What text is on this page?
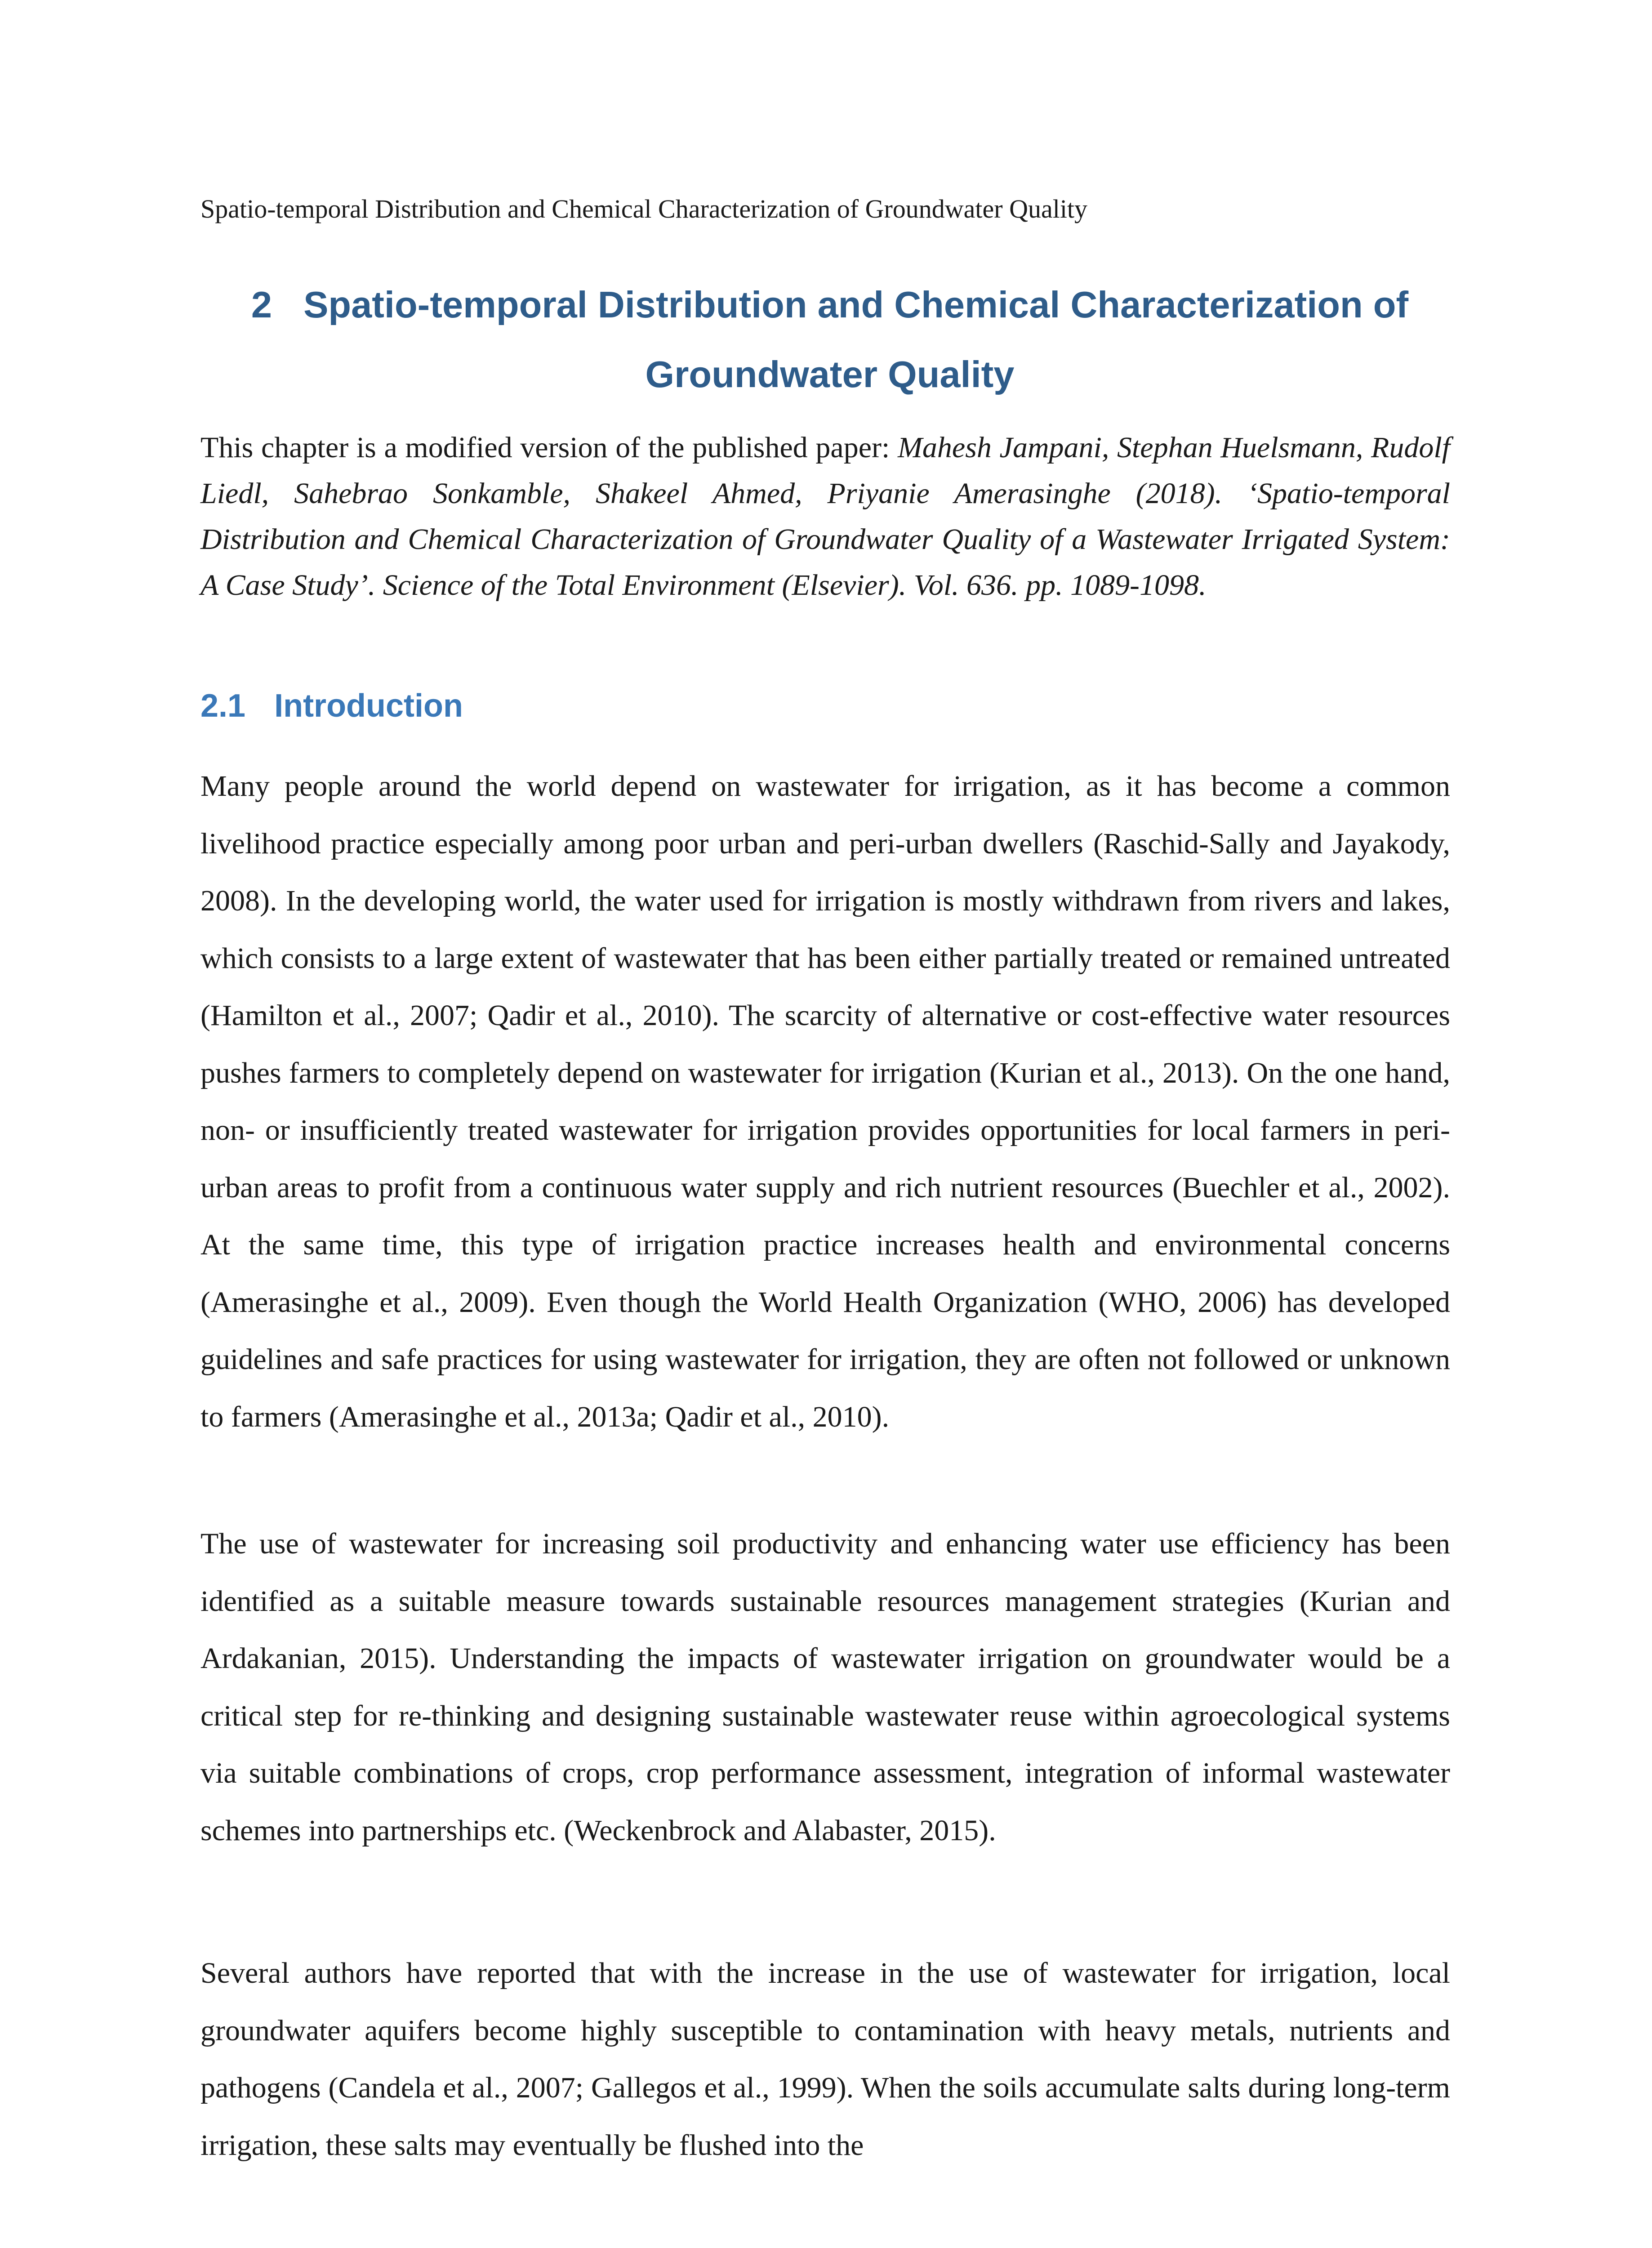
Spatio-temporal Distribution and Chemical Characterization of Groundwater Quality
2 Spatio-temporal Distribution and Chemical Characterization of Groundwater Quality

This chapter is a modified version of the published paper: Mahesh Jampani, Stephan Huelsmann, Rudolf Liedl, Sahebrao Sonkamble, Shakeel Ahmed, Priyanie Amerasinghe (2018). ‘Spatio-temporal Distribution and Chemical Characterization of Groundwater Quality of a Wastewater Irrigated System: A Case Study’. Science of the Total Environment (Elsevier). Vol. 636. pp. 1089-1098.

2.1 Introduction

Many people around the world depend on wastewater for irrigation, as it has become a common livelihood practice especially among poor urban and peri-urban dwellers (Raschid-Sally and Jayakody, 2008). In the developing world, the water used for irrigation is mostly withdrawn from rivers and lakes, which consists to a large extent of wastewater that has been either partially treated or remained untreated (Hamilton et al., 2007; Qadir et al., 2010). The scarcity of alternative or cost-effective water resources pushes farmers to completely depend on wastewater for irrigation (Kurian et al., 2013). On the one hand, non- or insufficiently treated wastewater for irrigation provides opportunities for local farmers in peri-urban areas to profit from a continuous water supply and rich nutrient resources (Buechler et al., 2002). At the same time, this type of irrigation practice increases health and environmental concerns (Amerasinghe et al., 2009). Even though the World Health Organization (WHO, 2006) has developed guidelines and safe practices for using wastewater for irrigation, they are often not followed or unknown to farmers (Amerasinghe et al., 2013a; Qadir et al., 2010).

The use of wastewater for increasing soil productivity and enhancing water use efficiency has been identified as a suitable measure towards sustainable resources management strategies (Kurian and Ardakanian, 2015). Understanding the impacts of wastewater irrigation on groundwater would be a critical step for re-thinking and designing sustainable wastewater reuse within agroecological systems via suitable combinations of crops, crop performance assessment, integration of informal wastewater schemes into partnerships etc. (Weckenbrock and Alabaster, 2015).

Several authors have reported that with the increase in the use of wastewater for irrigation, local groundwater aquifers become highly susceptible to contamination with heavy metals, nutrients and pathogens (Candela et al., 2007; Gallegos et al., 1999). When the soils accumulate salts during long-term irrigation, these salts may eventually be flushed into the
